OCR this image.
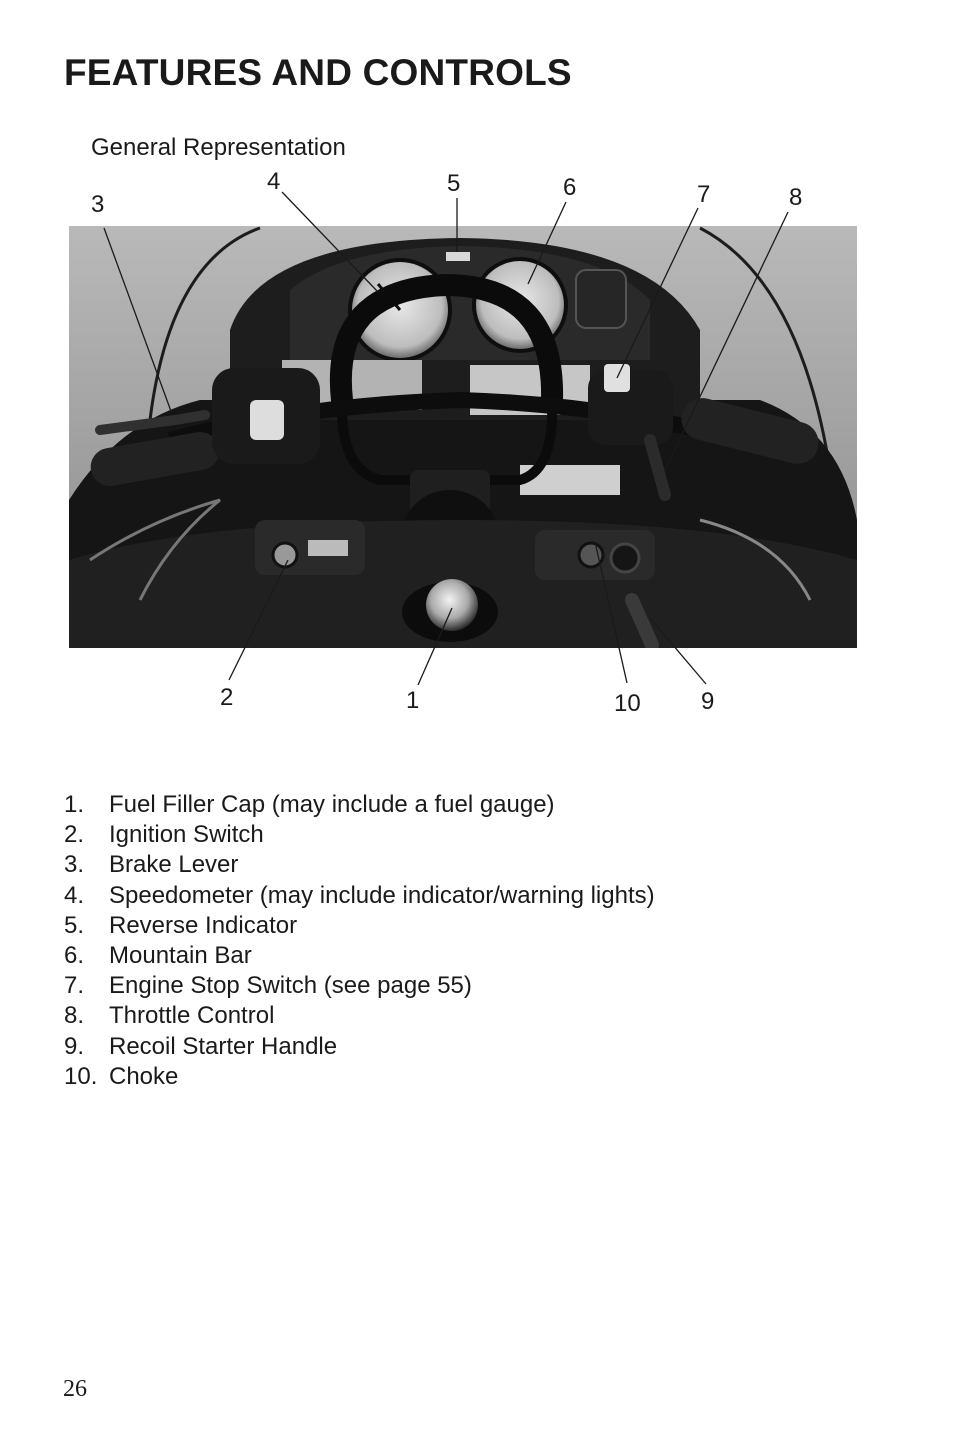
FEATURES AND CONTROLS
General Representation
1
2
3
4	5	6	7	8
9
10
1.	Fuel Filler Cap (may include a fuel gauge)
2.	Ignition Switch
3.	Brake Lever
4.	Speedometer (may include indicator/warning lights)
5.	Reverse Indicator
6.	Mountain Bar
7.	Engine Stop Switch (see page 55)
8.	Throttle Control
9.	Recoil Starter Handle
10. Choke
26
